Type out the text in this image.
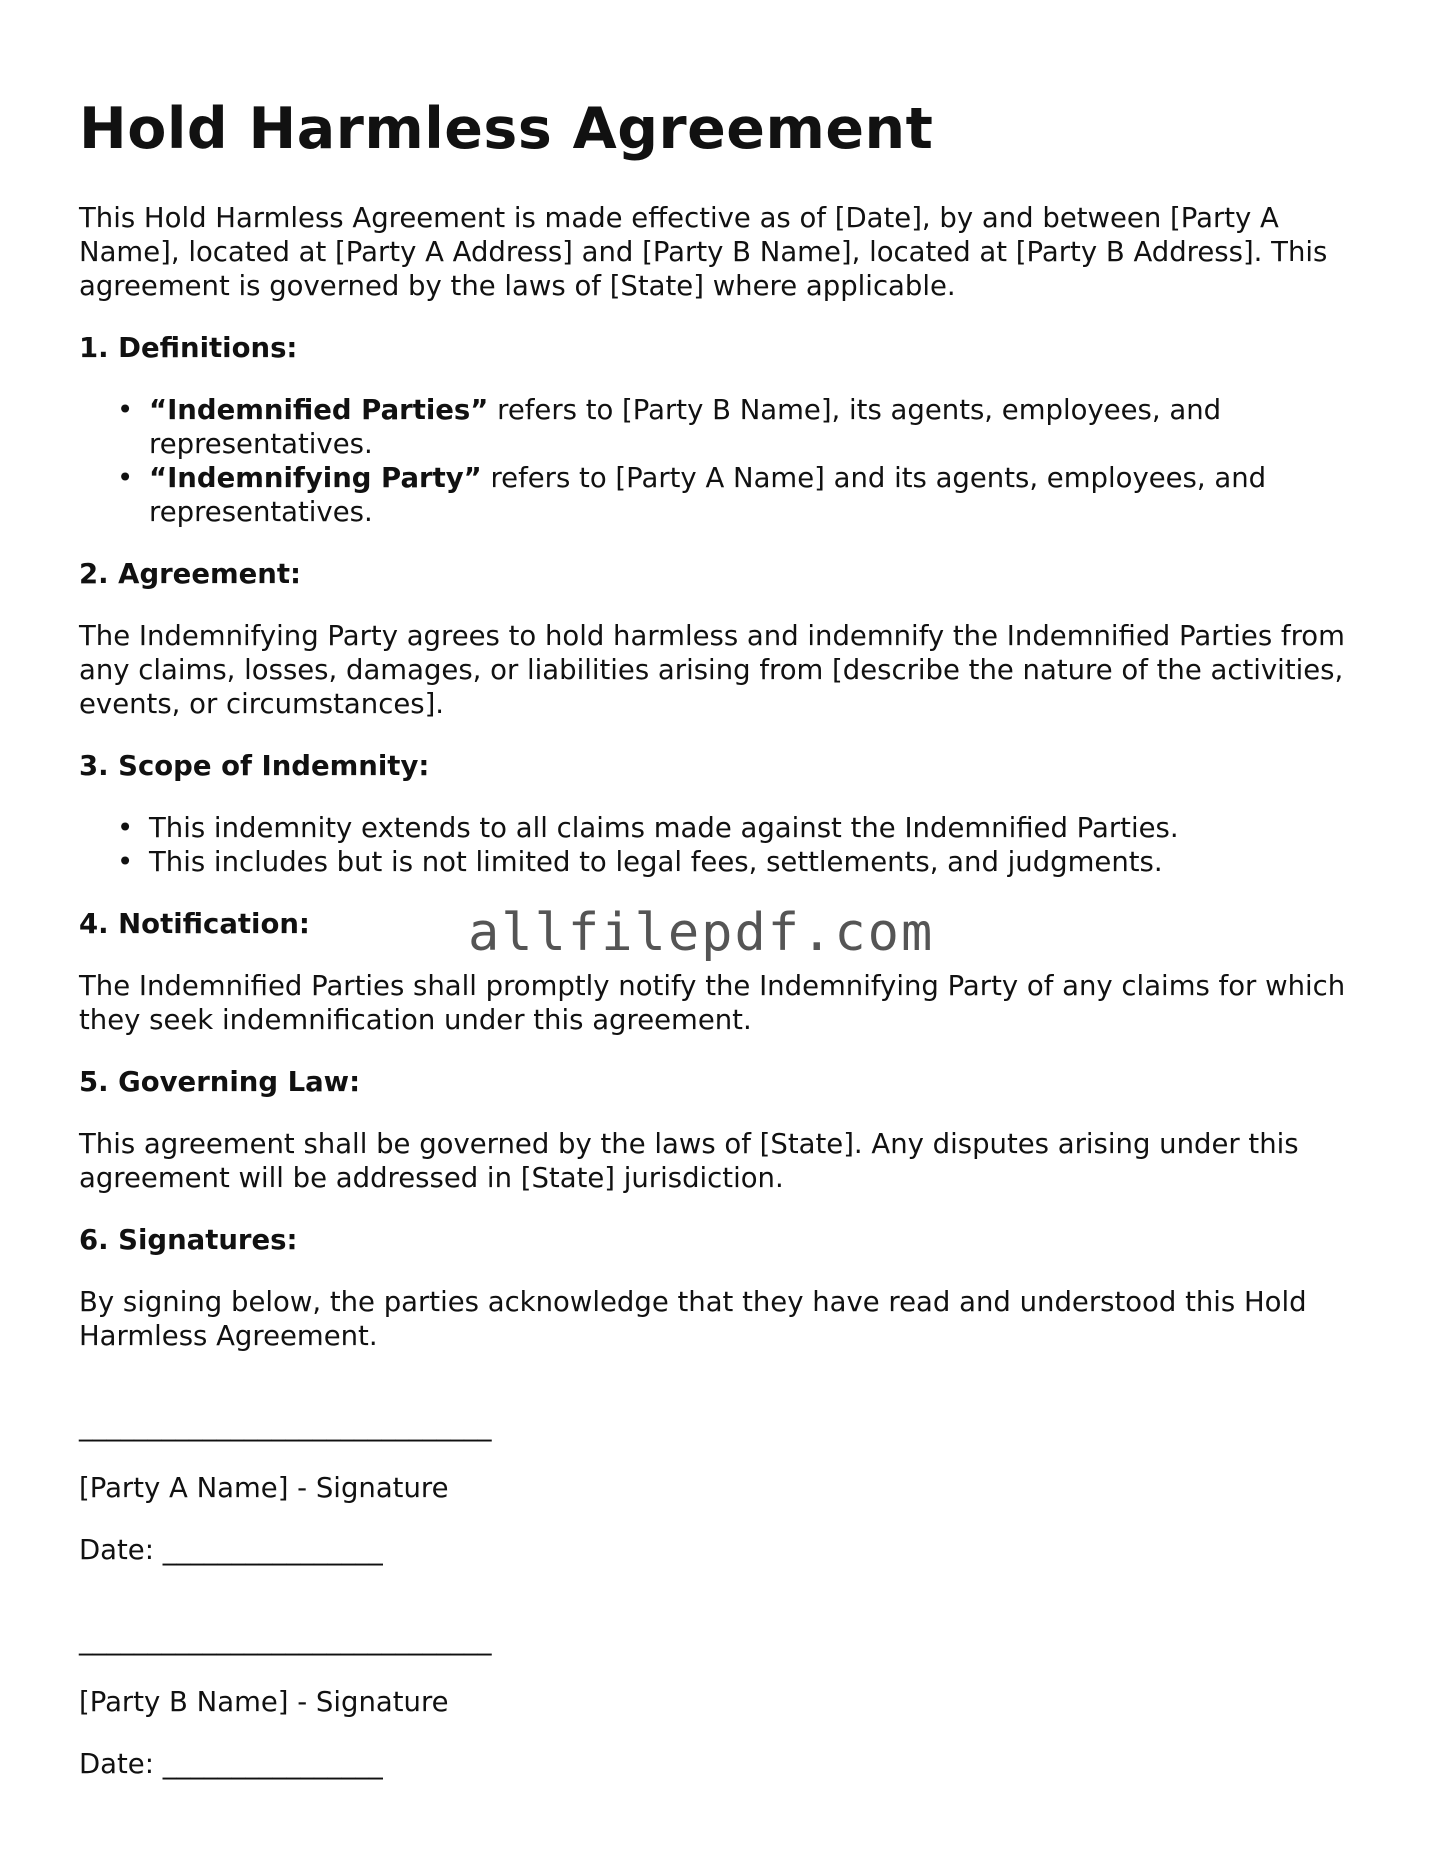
Hold Harmless Agreement

This Hold Harmless Agreement is made effective as of [Date], by and between [Party A Name], located at [Party A Address] and [Party B Name], located at [Party B Address]. This agreement is governed by the laws of [State] where applicable.

1. Definitions:
• “Indemnified Parties” refers to [Party B Name], its agents, employees, and representatives.
• “Indemnifying Party” refers to [Party A Name] and its agents, employees, and representatives.
2. Agreement:

The Indemnifying Party agrees to hold harmless and indemnify the Indemnified Parties from any claims, losses, damages, or liabilities arising from [describe the nature of the activities, events, or circumstances].

3. Scope of Indemnity:
• This indemnity extends to all claims made against the Indemnified Parties.
• This includes but is not limited to legal fees, settlements, and judgments.
4. Notification:

The Indemnified Parties shall promptly notify the Indemnifying Party of any claims for which they seek indemnification under this agreement.

5. Governing Law:

This agreement shall be governed by the laws of [State]. Any disputes arising under this agreement will be addressed in [State] jurisdiction.

6. Signatures:

By signing below, the parties acknowledge that they have read and understood this Hold Harmless Agreement.

______________________________

[Party A Name] - Signature

Date: ________________

______________________________

[Party B Name] - Signature

Date: ________________

allfilepdf.com
